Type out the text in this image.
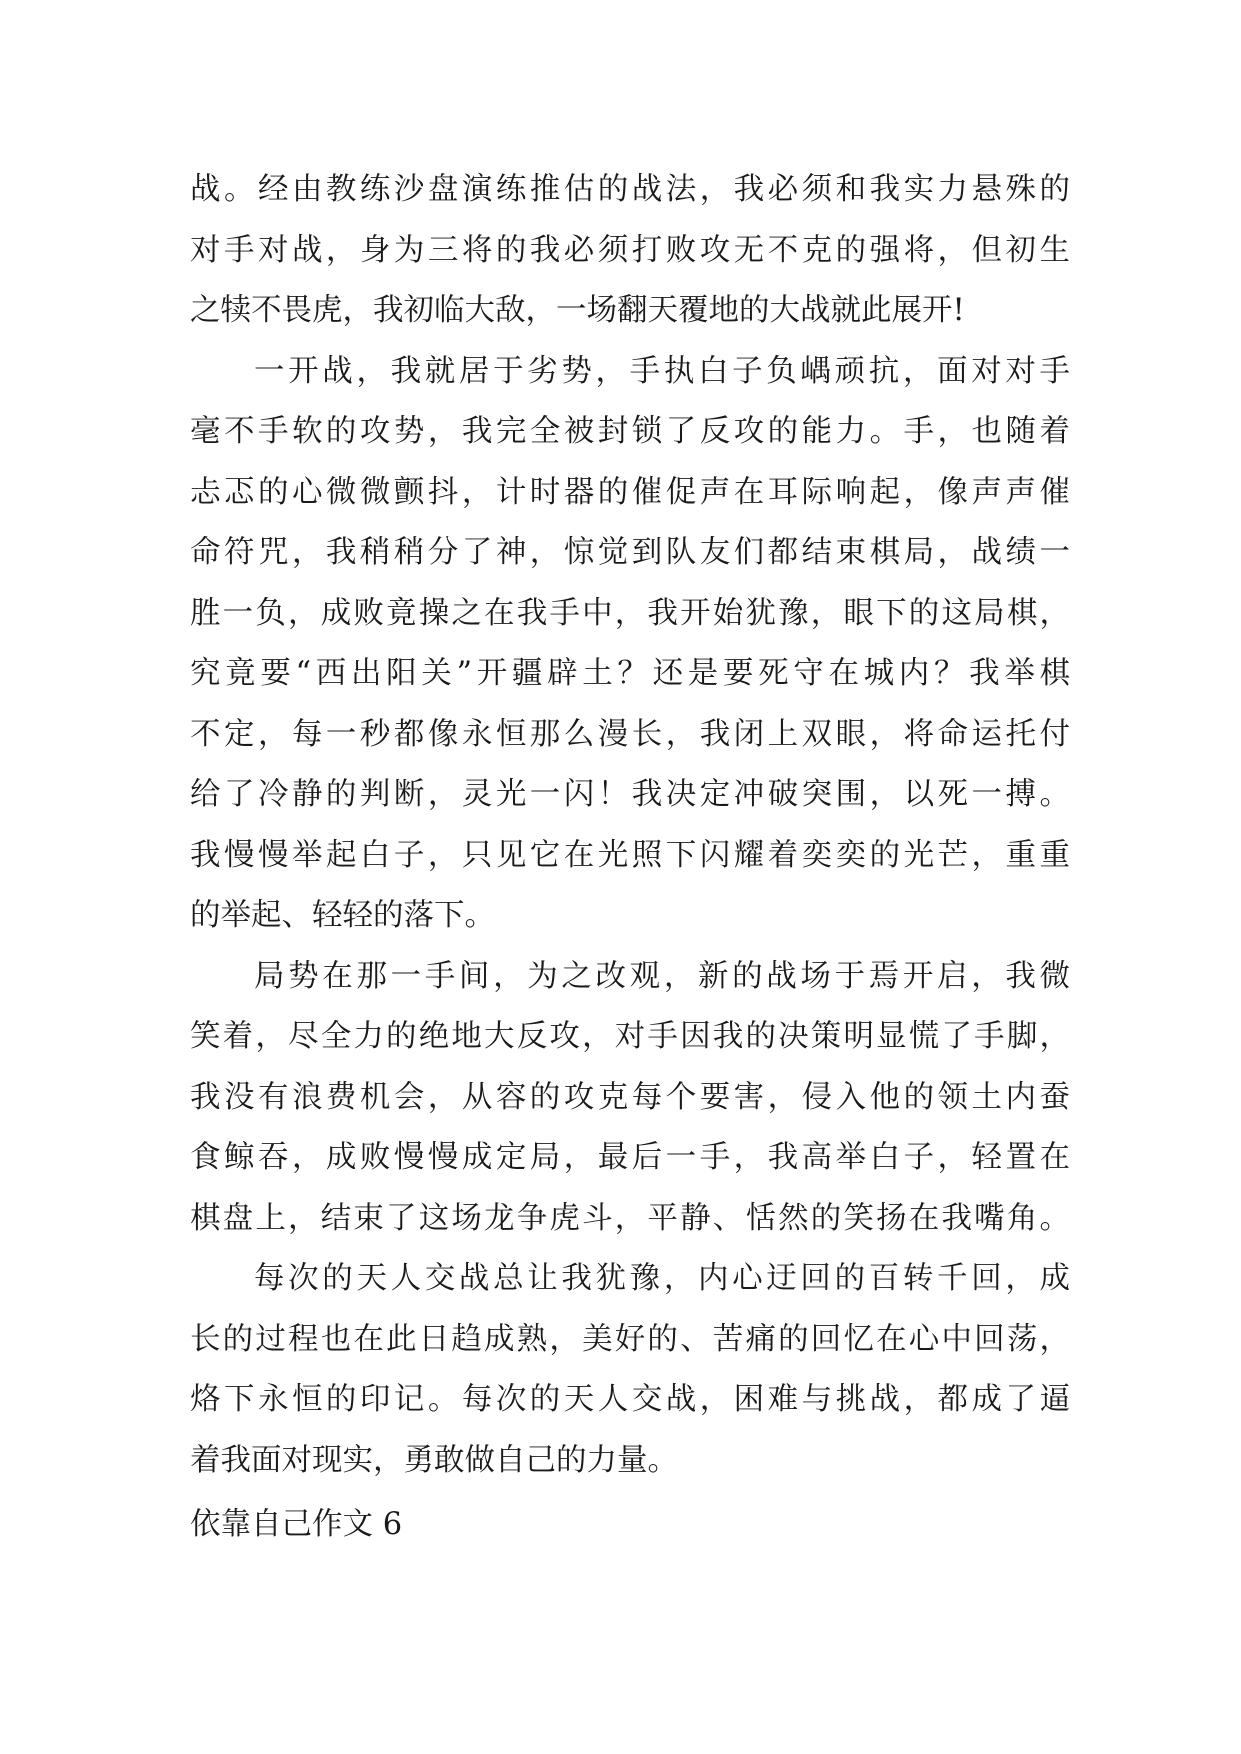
战。经由教练沙盘演练推估的战法，我必须和我实力悬殊的
对手对战，身为三将的我必须打败攻无不克的强将，但初生
之犊不畏虎，我初临大敌，一场翻天覆地的大战就此展开!
一开战，我就居于劣势，手执白子负嵎顽抗，面对对手
毫不手软的攻势，我完全被封锁了反攻的能力。手，也随着
忐忑的心微微颤抖，计时器的催促声在耳际响起，像声声催
命符咒，我稍稍分了神，惊觉到队友们都结束棋局，战绩一
胜一负，成败竟操之在我手中，我开始犹豫，眼下的这局棋，
究竟要“西出阳关”开疆辟土？还是要死守在城内？我举棋
不定，每一秒都像永恒那么漫长，我闭上双眼，将命运托付
给了冷静的判断，灵光一闪！我决定冲破突围，以死一搏。
我慢慢举起白子，只见它在光照下闪耀着奕奕的光芒，重重
的举起、轻轻的落下。
局势在那一手间，为之改观，新的战场于焉开启，我微
笑着，尽全力的绝地大反攻，对手因我的决策明显慌了手脚，
我没有浪费机会，从容的攻克每个要害，侵入他的领土内蚕
食鲸吞，成败慢慢成定局，最后一手，我高举白子，轻置在
棋盘上，结束了这场龙争虎斗，平静、恬然的笑扬在我嘴角。
每次的天人交战总让我犹豫，内心迂回的百转千回，成
长的过程也在此日趋成熟，美好的、苦痛的回忆在心中回荡，
烙下永恒的印记。每次的天人交战，困难与挑战，都成了逼
着我面对现实，勇敢做自己的力量。
依靠自己作文 6
